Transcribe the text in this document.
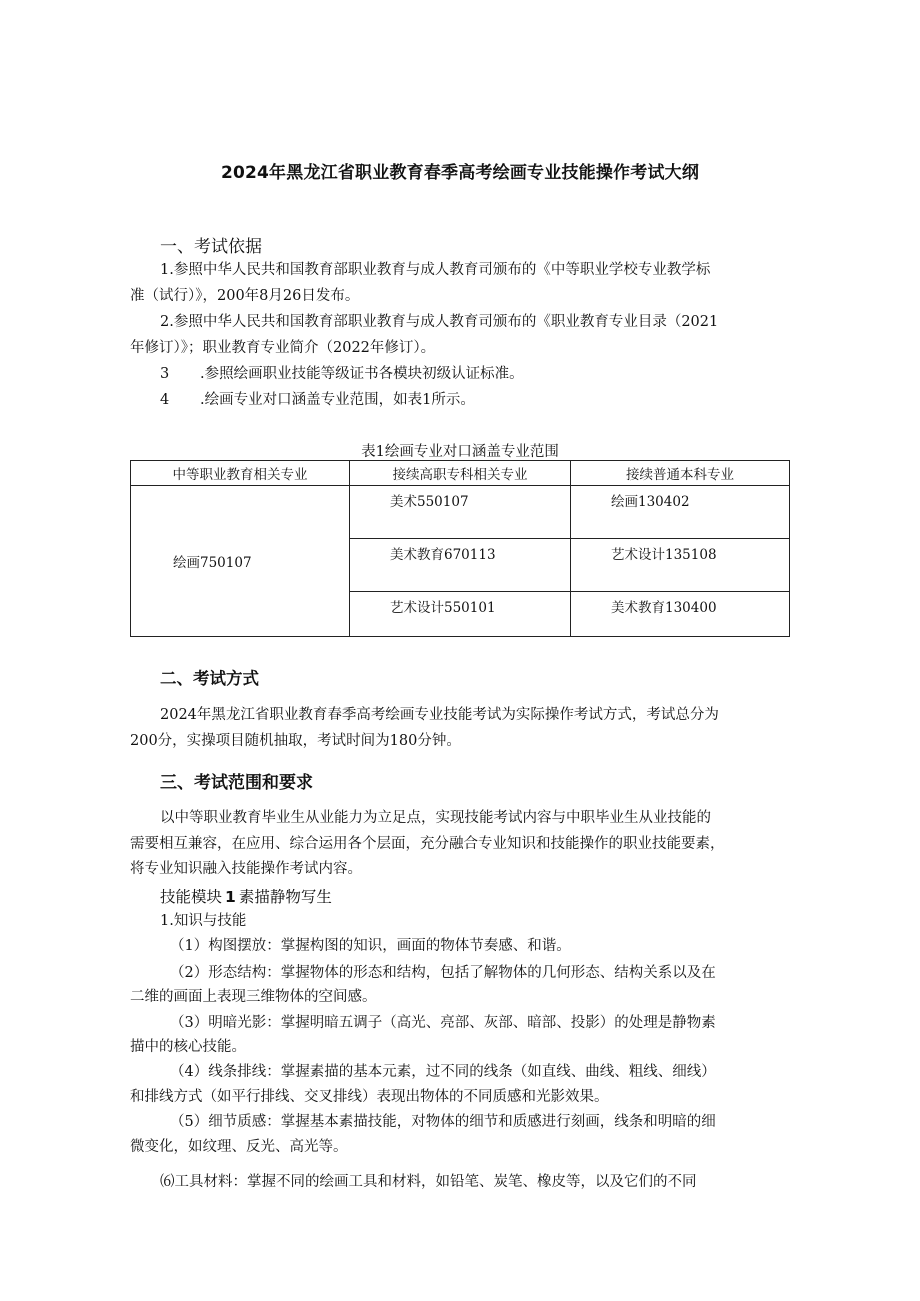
2024年黑龙江省职业教育春季高考绘画专业技能操作考试大纲
一、考试依据
1.参照中华人民共和国教育部职业教育与成人教育司颁布的《中等职业学校专业教学标
准（试行）》，200年8月26日发布。
2.参照中华人民共和国教育部职业教育与成人教育司颁布的《职业教育专业目录（2021
年修订）》；职业教育专业简介（2022年修订）。
3 .参照绘画职业技能等级证书各模块初级认证标准。
4 .绘画专业对口涵盖专业范围，如表1所示。
表1绘画专业对口涵盖专业范围
中等职业教育相关专业	接续高职专科相关专业	接续普通本科专业
绘画750107	美术550107	绘画130402
	美术教育670113	艺术设计135108
	艺术设计550101	美术教育130400
二、考试方式
2024年黑龙江省职业教育春季高考绘画专业技能考试为实际操作考试方式，考试总分为
200分，实操项目随机抽取，考试时间为180分钟。
三、考试范围和要求
以中等职业教育毕业生从业能力为立足点，实现技能考试内容与中职毕业生从业技能的
需要相互兼容，在应用、综合运用各个层面，充分融合专业知识和技能操作的职业技能要素，
将专业知识融入技能操作考试内容。
技能模块 1 素描静物写生
1.知识与技能
（1）构图摆放：掌握构图的知识，画面的物体节奏感、和谐。
（2）形态结构：掌握物体的形态和结构，包括了解物体的几何形态、结构关系以及在
二维的画面上表现三维物体的空间感。
（3）明暗光影：掌握明暗五调子（高光、亮部、灰部、暗部、投影）的处理是静物素
描中的核心技能。
（4）线条排线：掌握素描的基本元素，过不同的线条（如直线、曲线、粗线、细线）
和排线方式（如平行排线、交叉排线）表现出物体的不同质感和光影效果。
（5）细节质感：掌握基本素描技能，对物体的细节和质感进行刻画，线条和明暗的细
微变化，如纹理、反光、高光等。
⑹工具材料：掌握不同的绘画工具和材料，如铅笔、炭笔、橡皮等，以及它们的不同
